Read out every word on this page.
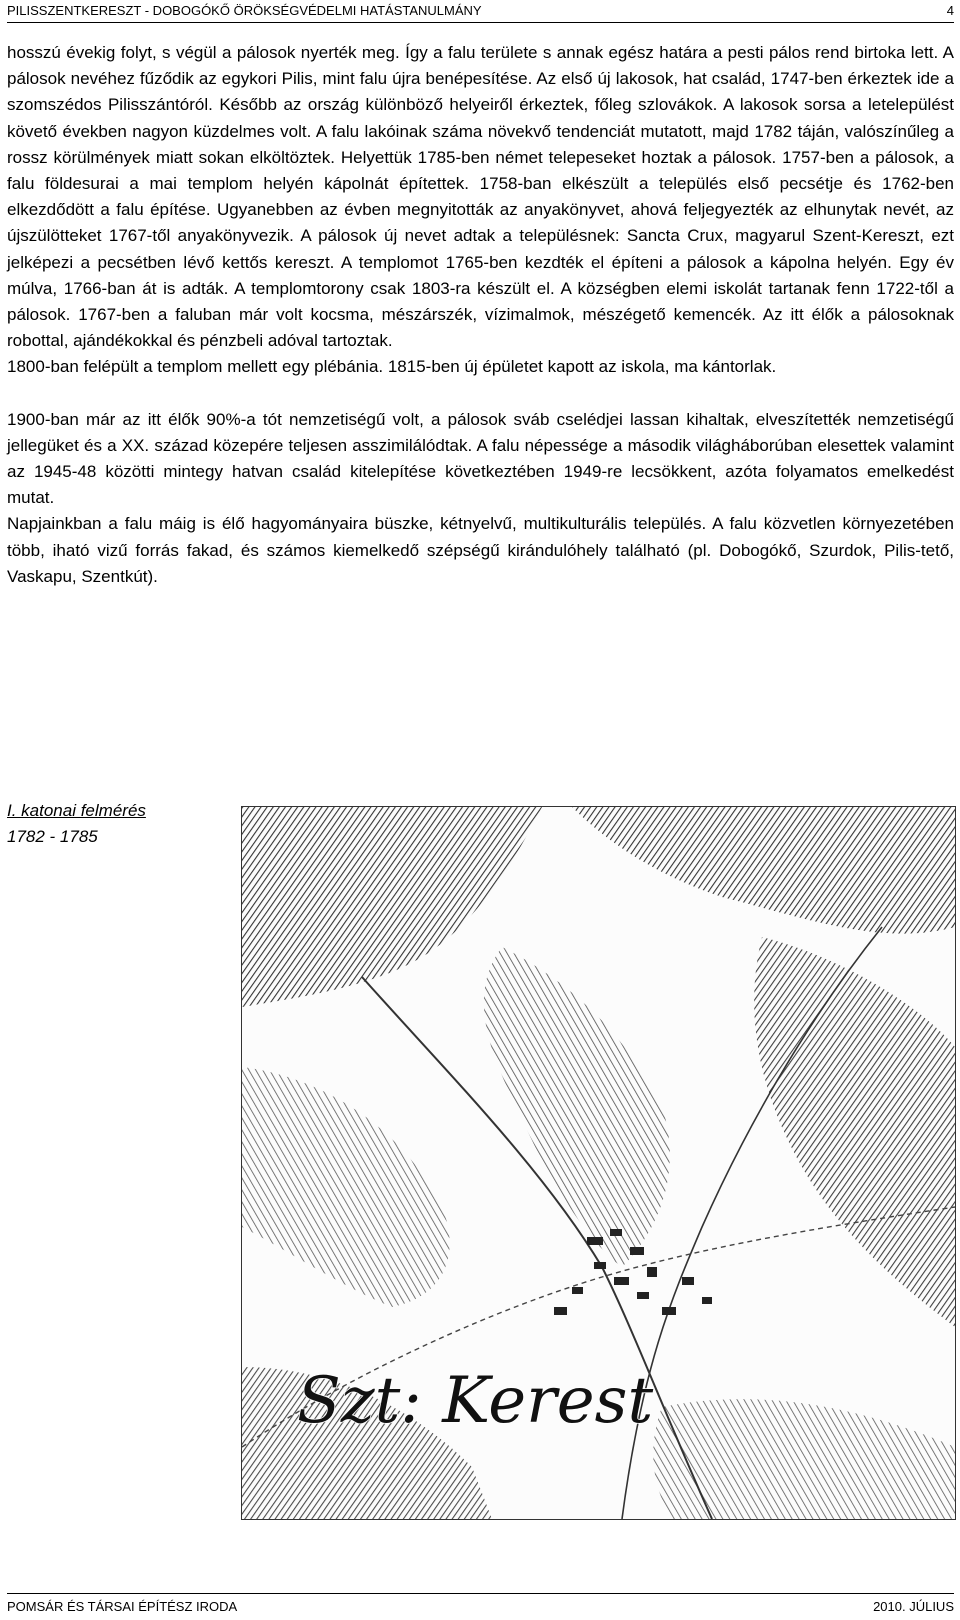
PILISSZENTKERESZT - DOBOGÓKŐ ÖRÖKSÉGVÉDELMI HATÁSTANULMÁNY	4

hosszú évekig folyt, s végül a pálosok nyerték meg. Így a falu területe s annak egész határa a pesti pálos rend birtoka lett. A pálosok nevéhez fűződik az egykori Pilis, mint falu újra benépesítése. Az első új lakosok, hat család, 1747-ben érkeztek ide a szomszédos Pilisszántóról. Később az ország különböző helyeiről érkeztek, főleg szlovákok. A lakosok sorsa a letelepülést követő években nagyon küzdelmes volt. A falu lakóinak száma növekvő tendenciát mutatott, majd 1782 táján, valószínűleg a rossz körülmények miatt sokan elköltöztek. Helyettük 1785-ben német telepeseket hoztak a pálosok. 1757-ben a pálosok, a falu földesurai a mai templom helyén kápolnát építettek. 1758-ban elkészült a település első pecsétje és 1762-ben elkezdődött a falu építése. Ugyanebben az évben megnyitották az anyakönyvet, ahová feljegyezték az elhunytak nevét, az újszülötteket 1767-től anyakönyvezik. A pálosok új nevet adtak a településnek: Sancta Crux, magyarul Szent-Kereszt, ezt jelképezi a pecsétben lévő kettős kereszt. A templomot 1765-ben kezdték el építeni a pálosok a kápolna helyén. Egy év múlva, 1766-ban át is adták. A templomtorony csak 1803-ra készült el. A községben elemi iskolát tartanak fenn 1722-től a pálosok. 1767-ben a faluban már volt kocsma, mészárszék, vízimalmok, mészégető kemencék. Az itt élők a pálosoknak robottal, ajándékokkal és pénzbeli adóval tartoztak.

1800-ban felépült a templom mellett egy plébánia. 1815-ben új épületet kapott az iskola, ma kántorlak.

1900-ban már az itt élők 90%-a tót nemzetiségű volt, a pálosok sváb cselédjei lassan kihaltak, elveszítették nemzetiségű jellegüket és a XX. század közepére teljesen asszimilálódtak. A falu népessége a második világháborúban elesettek valamint az 1945-48 közötti mintegy hatvan család kitelepítése következtében 1949-re lecsökkent, azóta folyamatos emelkedést mutat.

Napjainkban a falu máig is élő hagyományaira büszke, kétnyelvű, multikulturális település. A falu közvetlen környezetében több, iható vizű forrás fakad, és számos kiemelkedő szépségű kirándulóhely található (pl. Dobogókő, Szurdok, Pilis-tető, Vaskapu, Szentkút).

I. katonai felmérés
1782 - 1785
Szt: Kerest
POMSÁR ÉS TÁRSAI ÉPÍTÉSZ IRODA	2010. JÚLIUS
